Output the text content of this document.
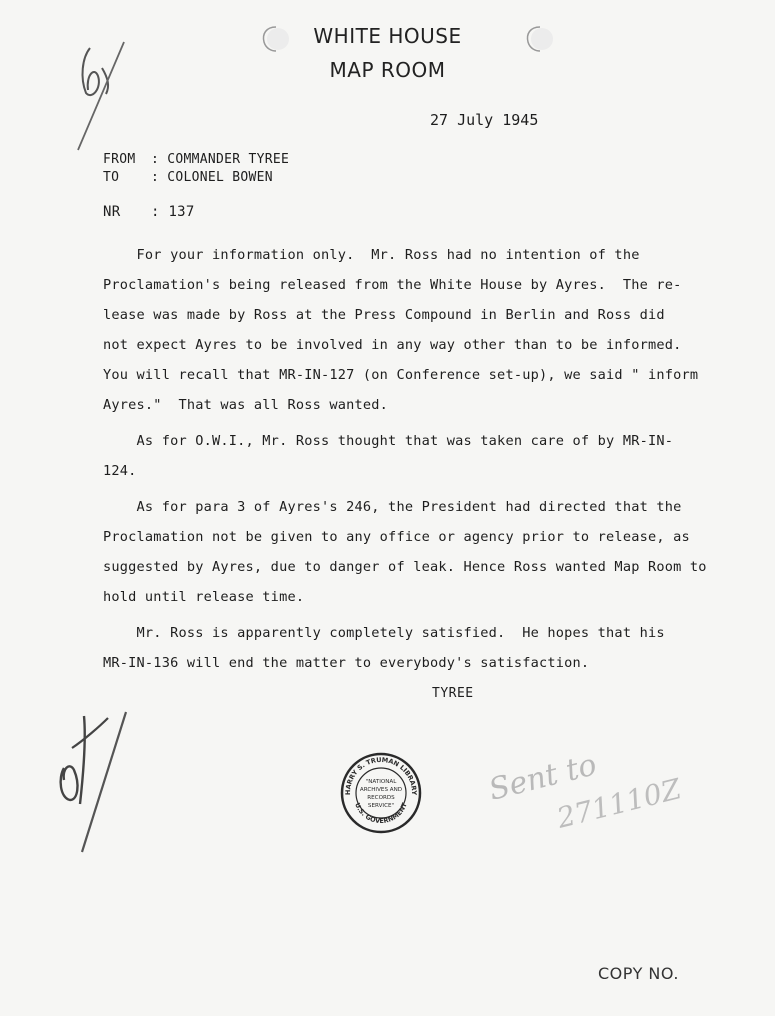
WHITE HOUSE
MAP ROOM
27 July 1945
FROM : COMMANDER TYREE
TO : COLONEL BOWEN
NR : 137
For your information only.  Mr. Ross had no intention of the
Proclamation's being released from the White House by Ayres.  The re-
lease was made by Ross at the Press Compound in Berlin and Ross did
not expect Ayres to be involved in any way other than to be informed.
You will recall that MR-IN-127 (on Conference set-up), we said " inform
Ayres."  That was all Ross wanted.
As for O.W.I., Mr. Ross thought that was taken care of by MR-IN-
124.
As for para 3 of Ayres's 246, the President had directed that the
Proclamation not be given to any office or agency prior to release, as
suggested by Ayres, due to danger of leak. Hence Ross wanted Map Room to
hold until release time.
Mr. Ross is apparently completely satisfied.  He hopes that his
MR-IN-136 will end the matter to everybody's satisfaction.
TYREE
HARRY S. TRUMAN LIBRARY
U.S. GOVERNMENT
"NATIONAL
ARCHIVES AND
RECORDS
SERVICE"	Sent to
271110Z
COPY NO.
